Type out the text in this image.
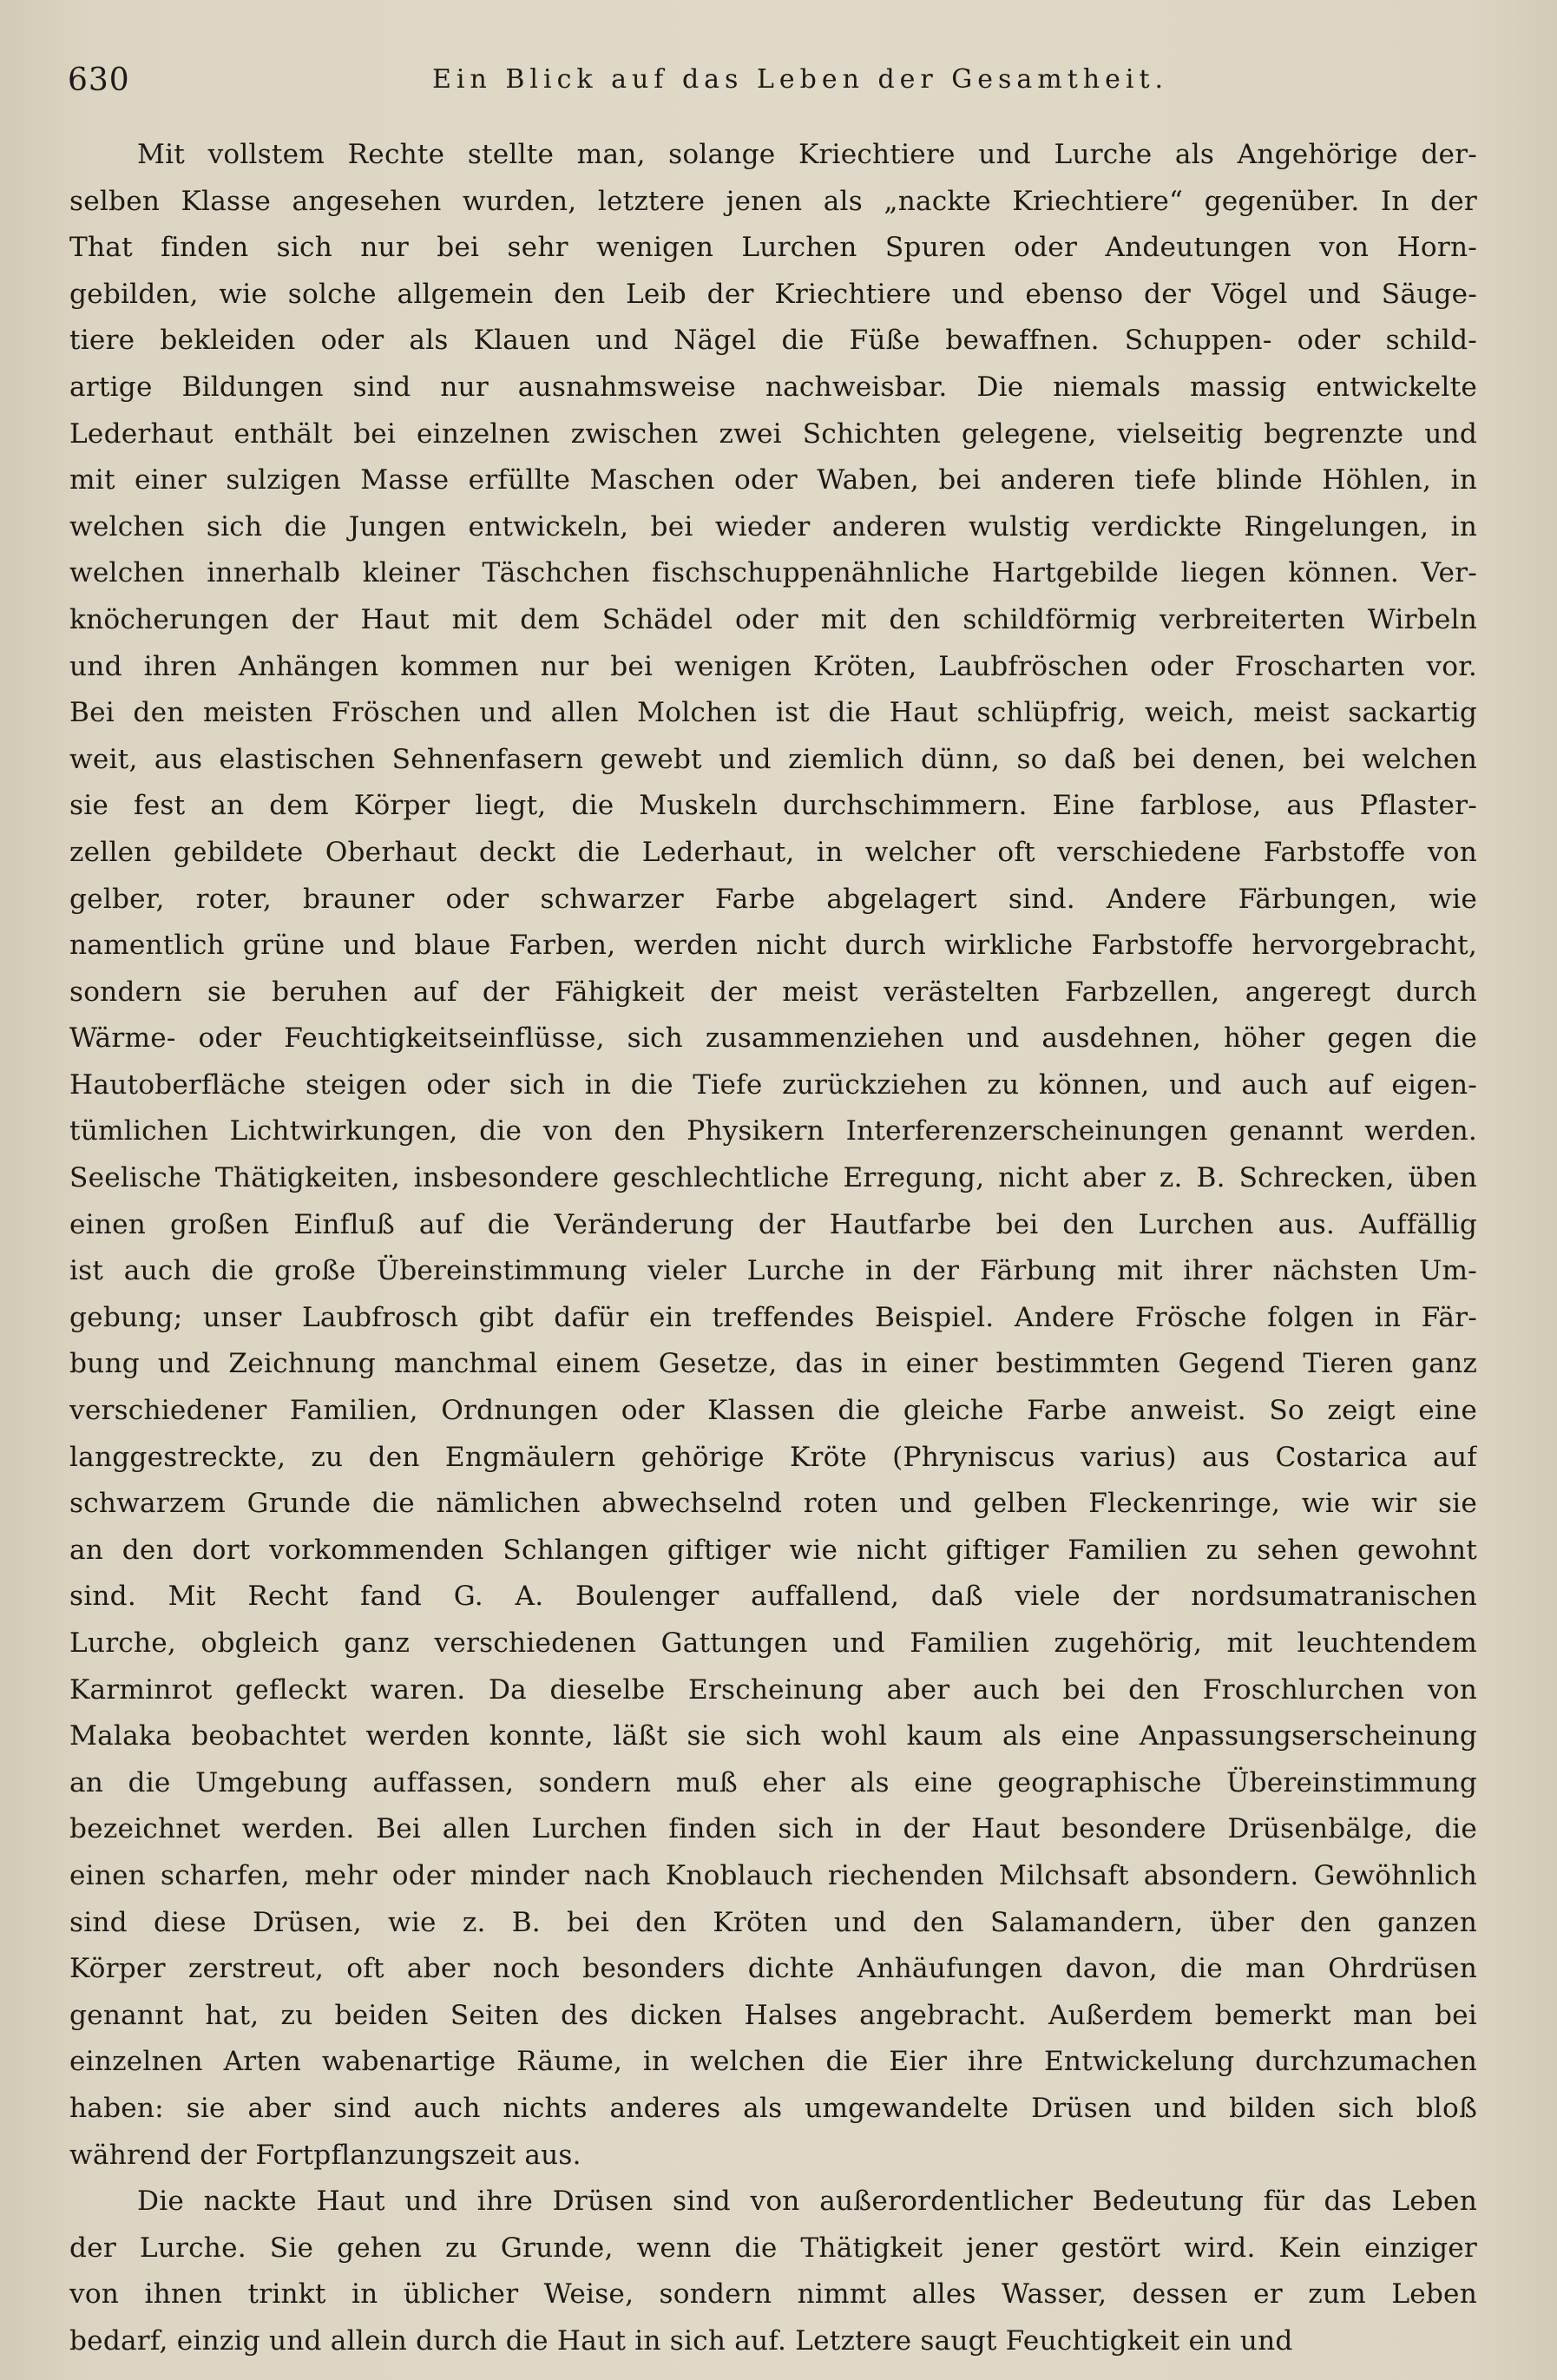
630	Ein Blick auf das Leben der Gesamtheit.
Mit vollstem Rechte stellte man, solange Kriechtiere und Lurche als Angehörige der-
selben Klasse angesehen wurden, letztere jenen als „nackte Kriechtiere“ gegenüber. In der
That finden sich nur bei sehr wenigen Lurchen Spuren oder Andeutungen von Horn-
gebilden, wie solche allgemein den Leib der Kriechtiere und ebenso der Vögel und Säuge-
tiere bekleiden oder als Klauen und Nägel die Füße bewaffnen. Schuppen- oder schild-
artige Bildungen sind nur ausnahmsweise nachweisbar. Die niemals massig entwickelte
Lederhaut enthält bei einzelnen zwischen zwei Schichten gelegene, vielseitig begrenzte und
mit einer sulzigen Masse erfüllte Maschen oder Waben, bei anderen tiefe blinde Höhlen, in
welchen sich die Jungen entwickeln, bei wieder anderen wulstig verdickte Ringelungen, in
welchen innerhalb kleiner Täschchen fischschuppenähnliche Hartgebilde liegen können. Ver-
knöcherungen der Haut mit dem Schädel oder mit den schildförmig verbreiterten Wirbeln
und ihren Anhängen kommen nur bei wenigen Kröten, Laubfröschen oder Froscharten vor.
Bei den meisten Fröschen und allen Molchen ist die Haut schlüpfrig, weich, meist sackartig
weit, aus elastischen Sehnenfasern gewebt und ziemlich dünn, so daß bei denen, bei welchen
sie fest an dem Körper liegt, die Muskeln durchschimmern. Eine farblose, aus Pflaster-
zellen gebildete Oberhaut deckt die Lederhaut, in welcher oft verschiedene Farbstoffe von
gelber, roter, brauner oder schwarzer Farbe abgelagert sind. Andere Färbungen, wie
namentlich grüne und blaue Farben, werden nicht durch wirkliche Farbstoffe hervorgebracht,
sondern sie beruhen auf der Fähigkeit der meist verästelten Farbzellen, angeregt durch
Wärme- oder Feuchtigkeitseinflüsse, sich zusammenziehen und ausdehnen, höher gegen die
Hautoberfläche steigen oder sich in die Tiefe zurückziehen zu können, und auch auf eigen-
tümlichen Lichtwirkungen, die von den Physikern Interferenzerscheinungen genannt werden.
Seelische Thätigkeiten, insbesondere geschlechtliche Erregung, nicht aber z. B. Schrecken, üben
einen großen Einfluß auf die Veränderung der Hautfarbe bei den Lurchen aus. Auffällig
ist auch die große Übereinstimmung vieler Lurche in der Färbung mit ihrer nächsten Um-
gebung; unser Laubfrosch gibt dafür ein treffendes Beispiel. Andere Frösche folgen in Fär-
bung und Zeichnung manchmal einem Gesetze, das in einer bestimmten Gegend Tieren ganz
verschiedener Familien, Ordnungen oder Klassen die gleiche Farbe anweist. So zeigt eine
langgestreckte, zu den Engmäulern gehörige Kröte (Phryniscus varius) aus Costarica auf
schwarzem Grunde die nämlichen abwechselnd roten und gelben Fleckenringe, wie wir sie
an den dort vorkommenden Schlangen giftiger wie nicht giftiger Familien zu sehen gewohnt
sind. Mit Recht fand G. A. Boulenger auffallend, daß viele der nordsumatranischen
Lurche, obgleich ganz verschiedenen Gattungen und Familien zugehörig, mit leuchtendem
Karminrot gefleckt waren. Da dieselbe Erscheinung aber auch bei den Froschlurchen von
Malaka beobachtet werden konnte, läßt sie sich wohl kaum als eine Anpassungserscheinung
an die Umgebung auffassen, sondern muß eher als eine geographische Übereinstimmung
bezeichnet werden. Bei allen Lurchen finden sich in der Haut besondere Drüsenbälge, die
einen scharfen, mehr oder minder nach Knoblauch riechenden Milchsaft absondern. Gewöhnlich
sind diese Drüsen, wie z. B. bei den Kröten und den Salamandern, über den ganzen
Körper zerstreut, oft aber noch besonders dichte Anhäufungen davon, die man Ohrdrüsen
genannt hat, zu beiden Seiten des dicken Halses angebracht. Außerdem bemerkt man bei
einzelnen Arten wabenartige Räume, in welchen die Eier ihre Entwickelung durchzumachen
haben: sie aber sind auch nichts anderes als umgewandelte Drüsen und bilden sich bloß
während der Fortpflanzungszeit aus.
Die nackte Haut und ihre Drüsen sind von außerordentlicher Bedeutung für das Leben
der Lurche. Sie gehen zu Grunde, wenn die Thätigkeit jener gestört wird. Kein einziger
von ihnen trinkt in üblicher Weise, sondern nimmt alles Wasser, dessen er zum Leben
bedarf, einzig und allein durch die Haut in sich auf. Letztere saugt Feuchtigkeit ein und
